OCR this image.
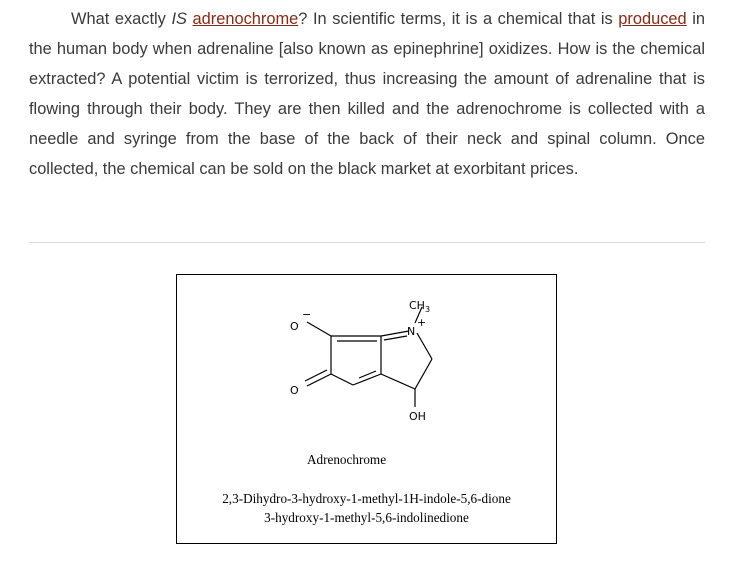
What exactly IS adrenochrome? In scientific terms, it is a chemical that is produced in the human body when adrenaline [also known as epinephrine] oxidizes. How is the chemical extracted? A potential victim is terrorized, thus increasing the amount of adrenaline that is flowing through their body. They are then killed and the adrenochrome is collected with a needle and syringe from the base of the back of their neck and spinal column. Once collected, the chemical can be sold on the black market at exorbitant prices.

$CH_3$
N
+
OH
O
−
O
Adrenochrome
2,3-Dihydro-3-hydroxy-1-methyl-1H-indole-5,6-dione
3-hydroxy-1-methyl-5,6-indolinedione
